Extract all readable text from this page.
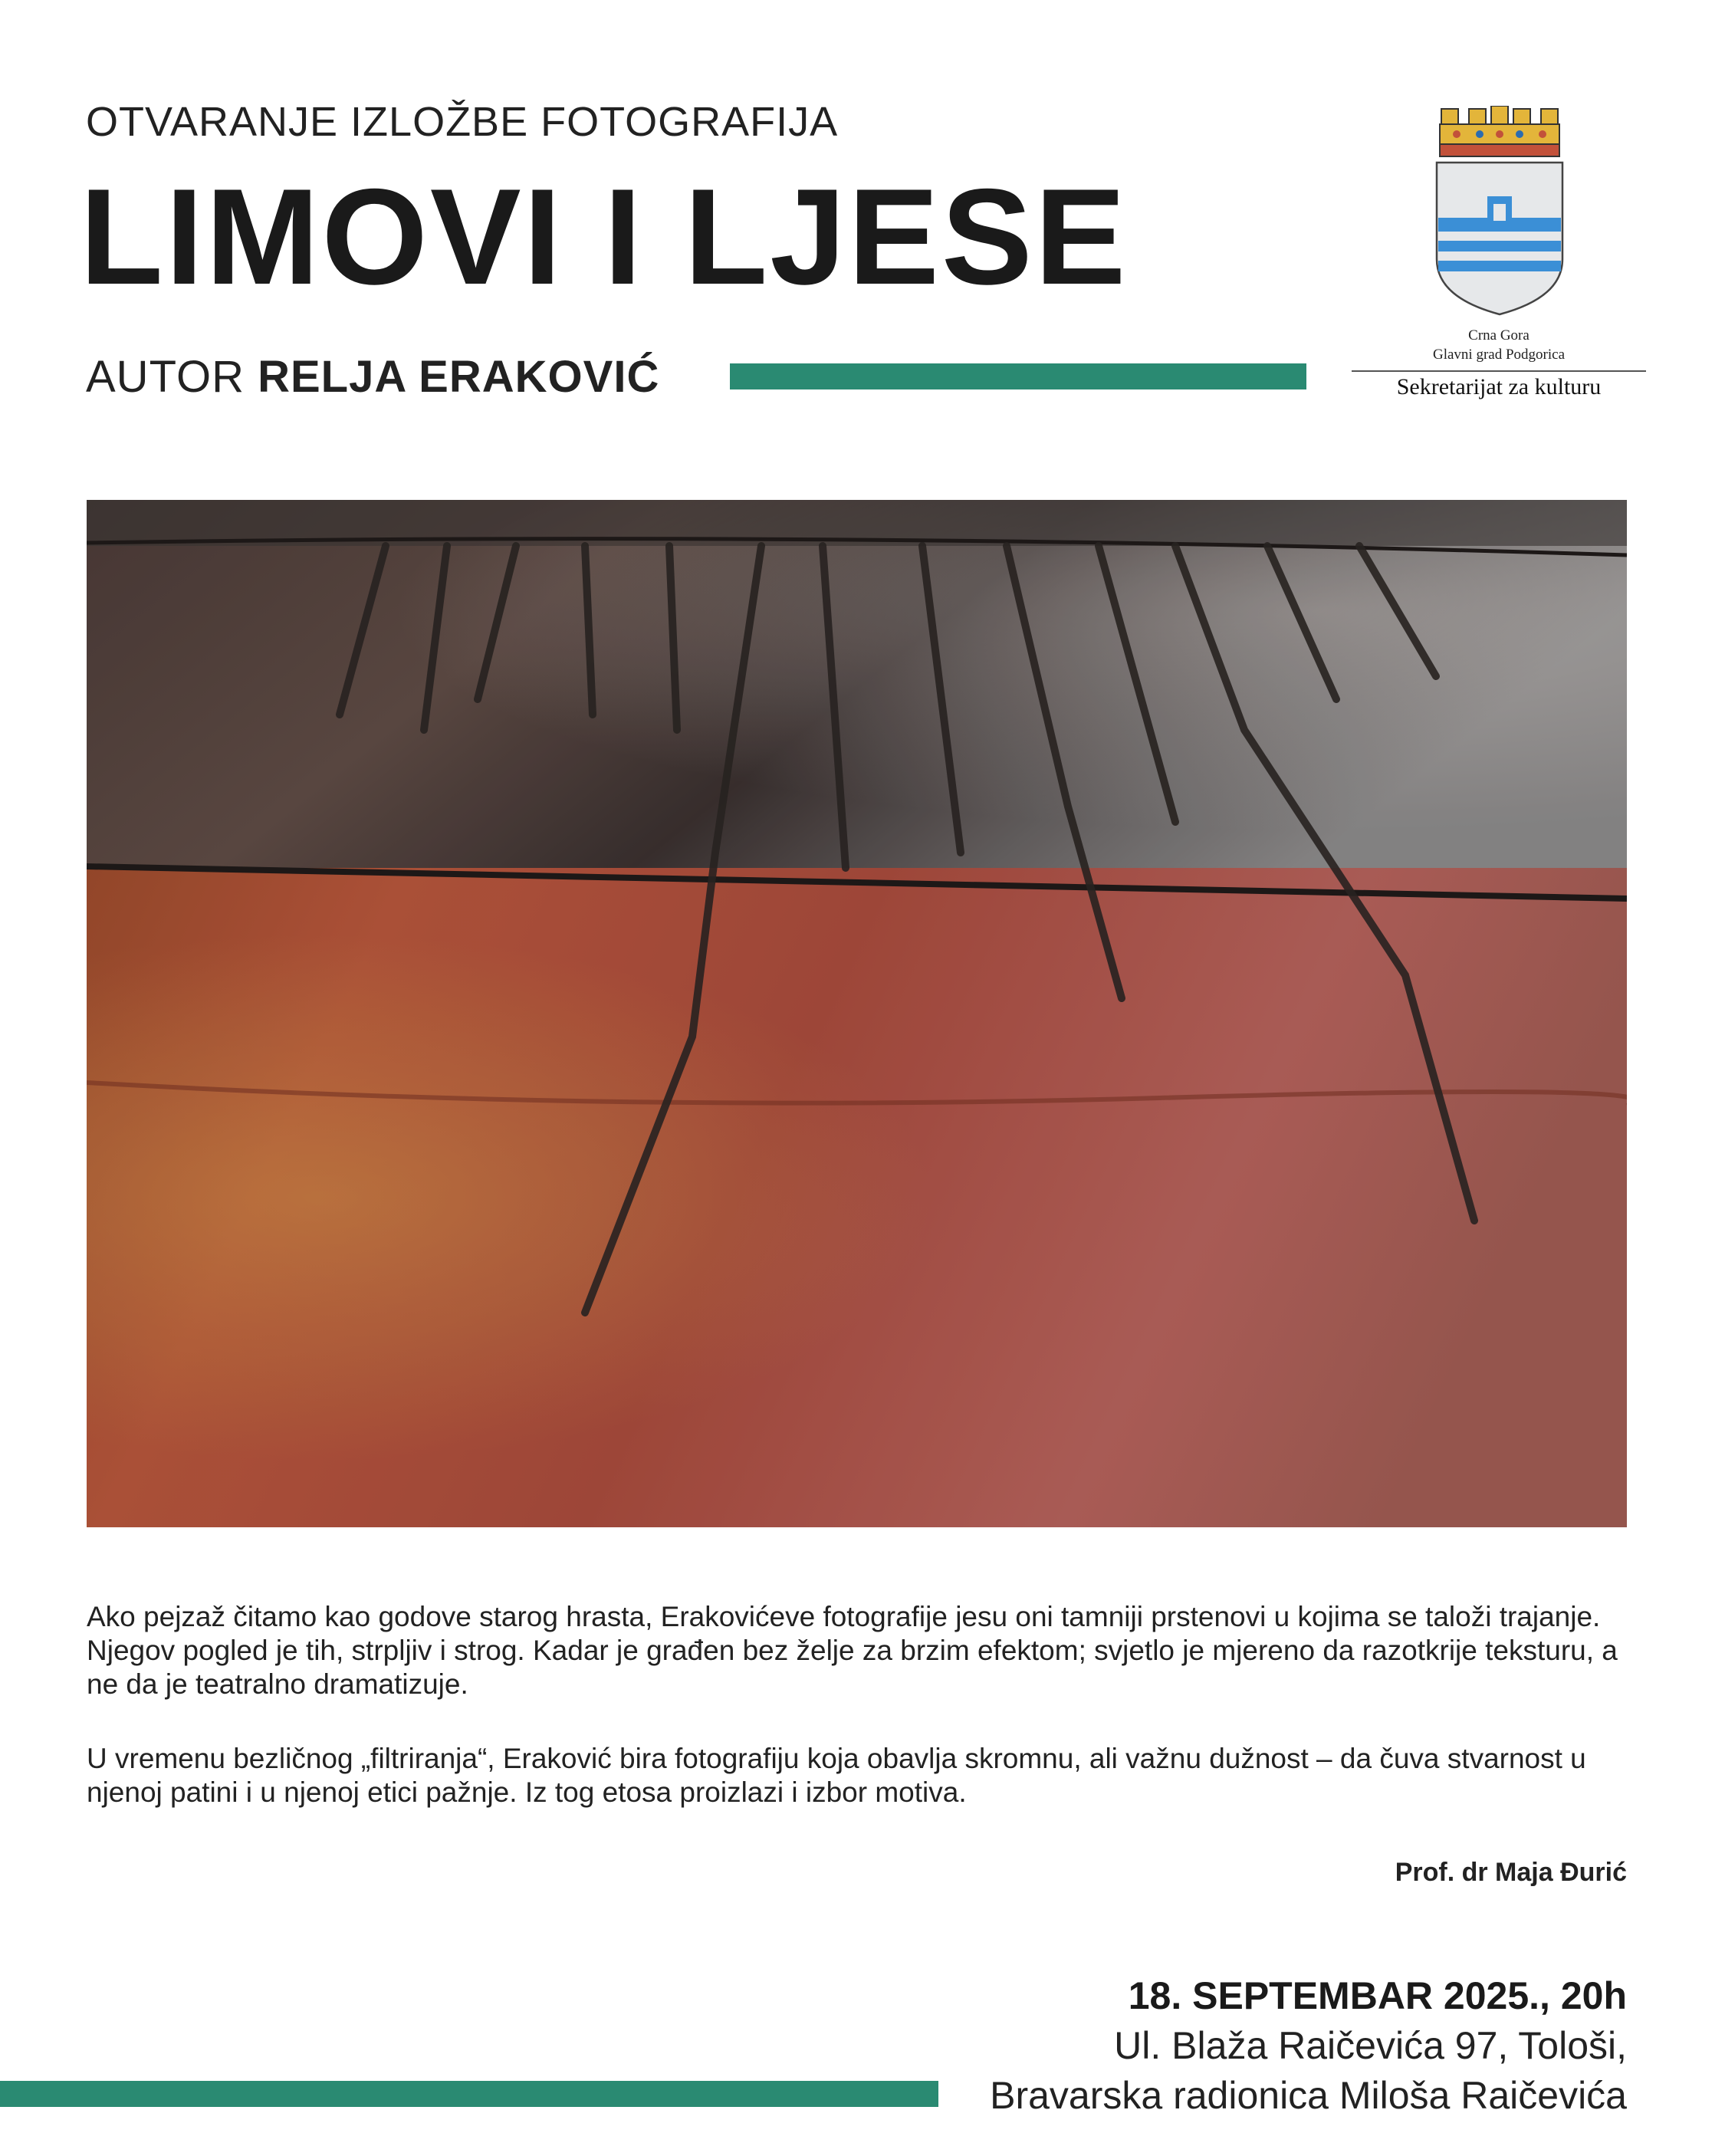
OTVARANJE IZLOŽBE FOTOGRAFIJA
LIMOVI I LJESE
AUTOR RELJA ERAKOVIĆ
Crna Gora
Glavni grad Podgorica
Sekretarijat za kulturu
Ako pejzaž čitamo kao godove starog hrasta, Erakovićeve fotografije jesu oni tamniji prstenovi u kojima se taloži trajanje. Njegov pogled je tih, strpljiv i strog. Kadar je građen bez želje za brzim efektom; svjetlo je mjereno da razotkrije teksturu, a ne da je teatralno dramatizuje.
U vremenu bezličnog „filtriranja“, Eraković bira fotografiju koja obavlja skromnu, ali važnu dužnost – da čuva stvarnost u njenoj patini i u njenoj etici pažnje. Iz tog etosa proizlazi i izbor motiva.
Prof. dr Maja Đurić
18. SEPTEMBAR 2025., 20h
Ul. Blaža Raičevića 97, Tološi,
Bravarska radionica Miloša Raičevića
